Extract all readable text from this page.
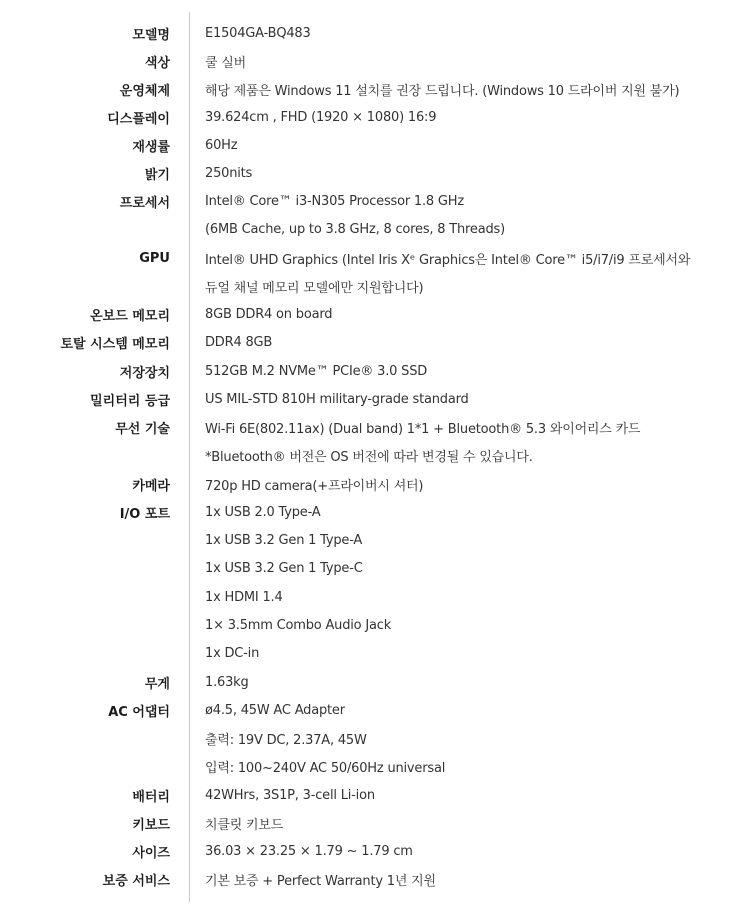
모델명	E1504GA-BQ483
색상	쿨 실버
운영체제	해당 제품은 Windows 11 설치를 권장 드립니다. (Windows 10 드라이버 지원 불가)
디스플레이	39.624cm , FHD (1920 × 1080) 16:9
재생률	60Hz
밝기	250nits
프로세서	Intel® Core™ i3-N305 Processor 1.8 GHz
(6MB Cache, up to 3.8 GHz, 8 cores, 8 Threads)
GPU	Intel® UHD Graphics (Intel Iris Xᵉ Graphics은 Intel® Core™ i5/i7/i9 프로세서와
듀얼 채널 메모리 모델에만 지원합니다)
온보드 메모리	8GB DDR4 on board
토탈 시스템 메모리	DDR4 8GB
저장장치	512GB M.2 NVMe™ PCIe® 3.0 SSD
밀리터리 등급	US MIL-STD 810H military-grade standard
무선 기술	Wi-Fi 6E(802.11ax) (Dual band) 1*1 + Bluetooth® 5.3 와이어리스 카드
*Bluetooth® 버전은 OS 버전에 따라 변경될 수 있습니다.
카메라	720p HD camera(+프라이버시 셔터)
I/O 포트	1x USB 2.0 Type-A
1x USB 3.2 Gen 1 Type-A
1x USB 3.2 Gen 1 Type-C
1x HDMI 1.4
1× 3.5mm Combo Audio Jack
1x DC-in
무게	1.63kg
AC 어댑터	ø4.5, 45W AC Adapter
출력: 19V DC, 2.37A, 45W
입력: 100~240V AC 50/60Hz universal
배터리	42WHrs, 3S1P, 3-cell Li-ion
키보드	치클릿 키보드
사이즈	36.03 × 23.25 × 1.79 ~ 1.79 cm
보증 서비스	기본 보증 + Perfect Warranty 1년 지원
